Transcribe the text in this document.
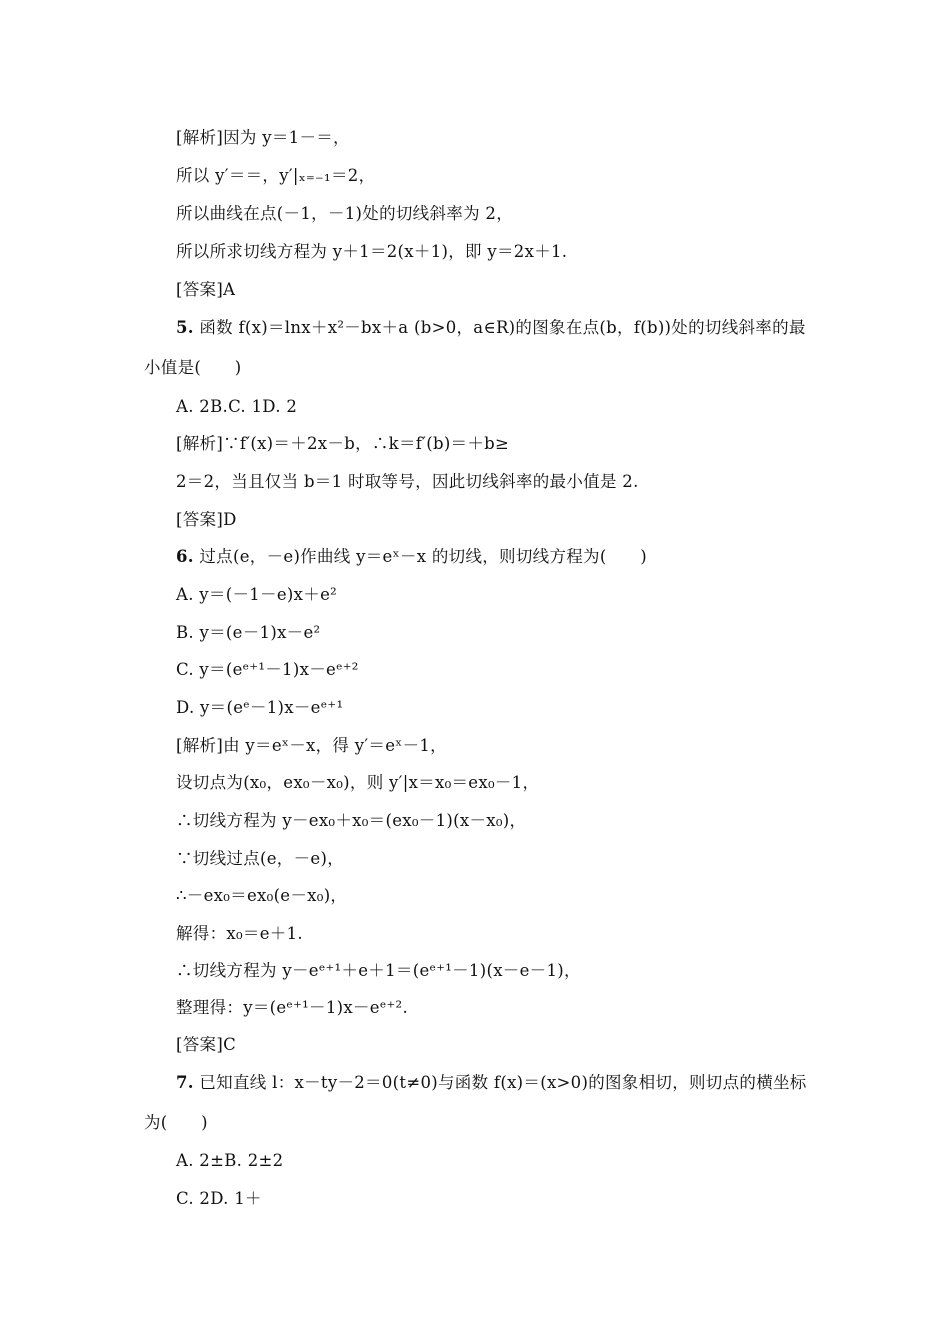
[解析]因为 y＝1－＝，
所以 y′＝＝，y′|ₓ₌₋₁＝2，
所以曲线在点(－1，－1)处的切线斜率为 2，
所以所求切线方程为 y＋1＝2(x＋1)，即 y＝2x＋1.
[答案]A
5. 函数 f(x)＝lnx＋x²－bx＋a (b>0，a∈R)的图象在点(b，f(b))处的切线斜率的最
小值是(　　)
A. 2B.C. 1D. 2
[解析]∵f′(x)＝＋2x－b，∴k＝f′(b)＝＋b≥
2＝2，当且仅当 b＝1 时取等号，因此切线斜率的最小值是 2.
[答案]D
6. 过点(e，－e)作曲线 y＝eˣ－x 的切线，则切线方程为(　　)
A. y＝(－1－e)x＋e²
B. y＝(e－1)x－e²
C. y＝(eᵉ⁺¹－1)x－eᵉ⁺²
D. y＝(eᵉ－1)x－eᵉ⁺¹
[解析]由 y＝eˣ－x，得 y′＝eˣ－1，
设切点为(x₀，ex₀－x₀)，则 y′|x＝x₀＝ex₀－1，
∴切线方程为 y－ex₀＋x₀＝(ex₀－1)(x－x₀)，
∵切线过点(e，－e)，
∴－ex₀＝ex₀(e－x₀)，
解得：x₀＝e＋1.
∴切线方程为 y－eᵉ⁺¹＋e＋1＝(eᵉ⁺¹－1)(x－e－1)，
整理得：y＝(eᵉ⁺¹－1)x－eᵉ⁺².
[答案]C
7. 已知直线 l：x－ty－2＝0(t≠0)与函数 f(x)＝(x>0)的图象相切，则切点的横坐标
为(　　)
A. 2±B. 2±2
C. 2D. 1＋
